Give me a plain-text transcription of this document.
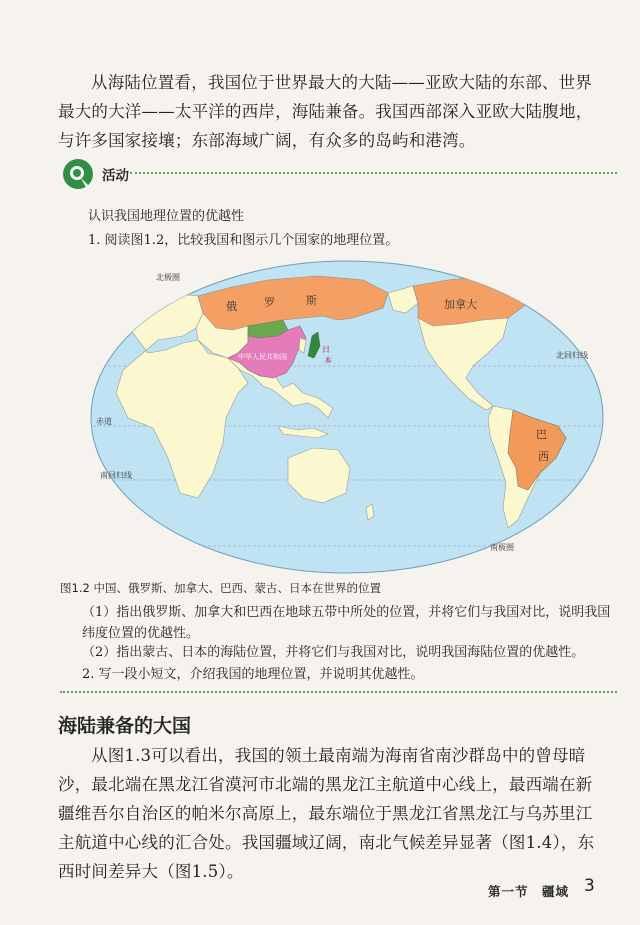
从海陆位置看，我国位于世界最大的大陆——亚欧大陆的东部、世界最大的大洋——太平洋的西岸，海陆兼备。我国西部深入亚欧大陆腹地，与许多国家接壤；东部海域广阔，有众多的岛屿和港湾。

活动
认识我国地理位置的优越性
1. 阅读图1.2，比较我国和图示几个国家的地理位置。
北极圈
北回归线
赤道
南回归线
南极圈
俄 罗	斯	加拿大
中华人民共和国
日
本
巴
西
图1.2 中国、俄罗斯、加拿大、巴西、蒙古、日本在世界的位置
（1）指出俄罗斯、加拿大和巴西在地球五带中所处的位置，并将它们与我国对比，说明我国纬度位置的优越性。
（2）指出蒙古、日本的海陆位置，并将它们与我国对比，说明我国海陆位置的优越性。
2. 写一段小短文，介绍我国的地理位置，并说明其优越性。
海陆兼备的大国

从图1.3可以看出，我国的领土最南端为海南省南沙群岛中的曾母暗沙，最北端在黑龙江省漠河市北端的黑龙江主航道中心线上，最西端在新疆维吾尔自治区的帕米尔高原上，最东端位于黑龙江省黑龙江与乌苏里江主航道中心线的汇合处。我国疆域辽阔，南北气候差异显著（图1.4），东西时间差异大（图1.5）。

第一节　疆域 3
